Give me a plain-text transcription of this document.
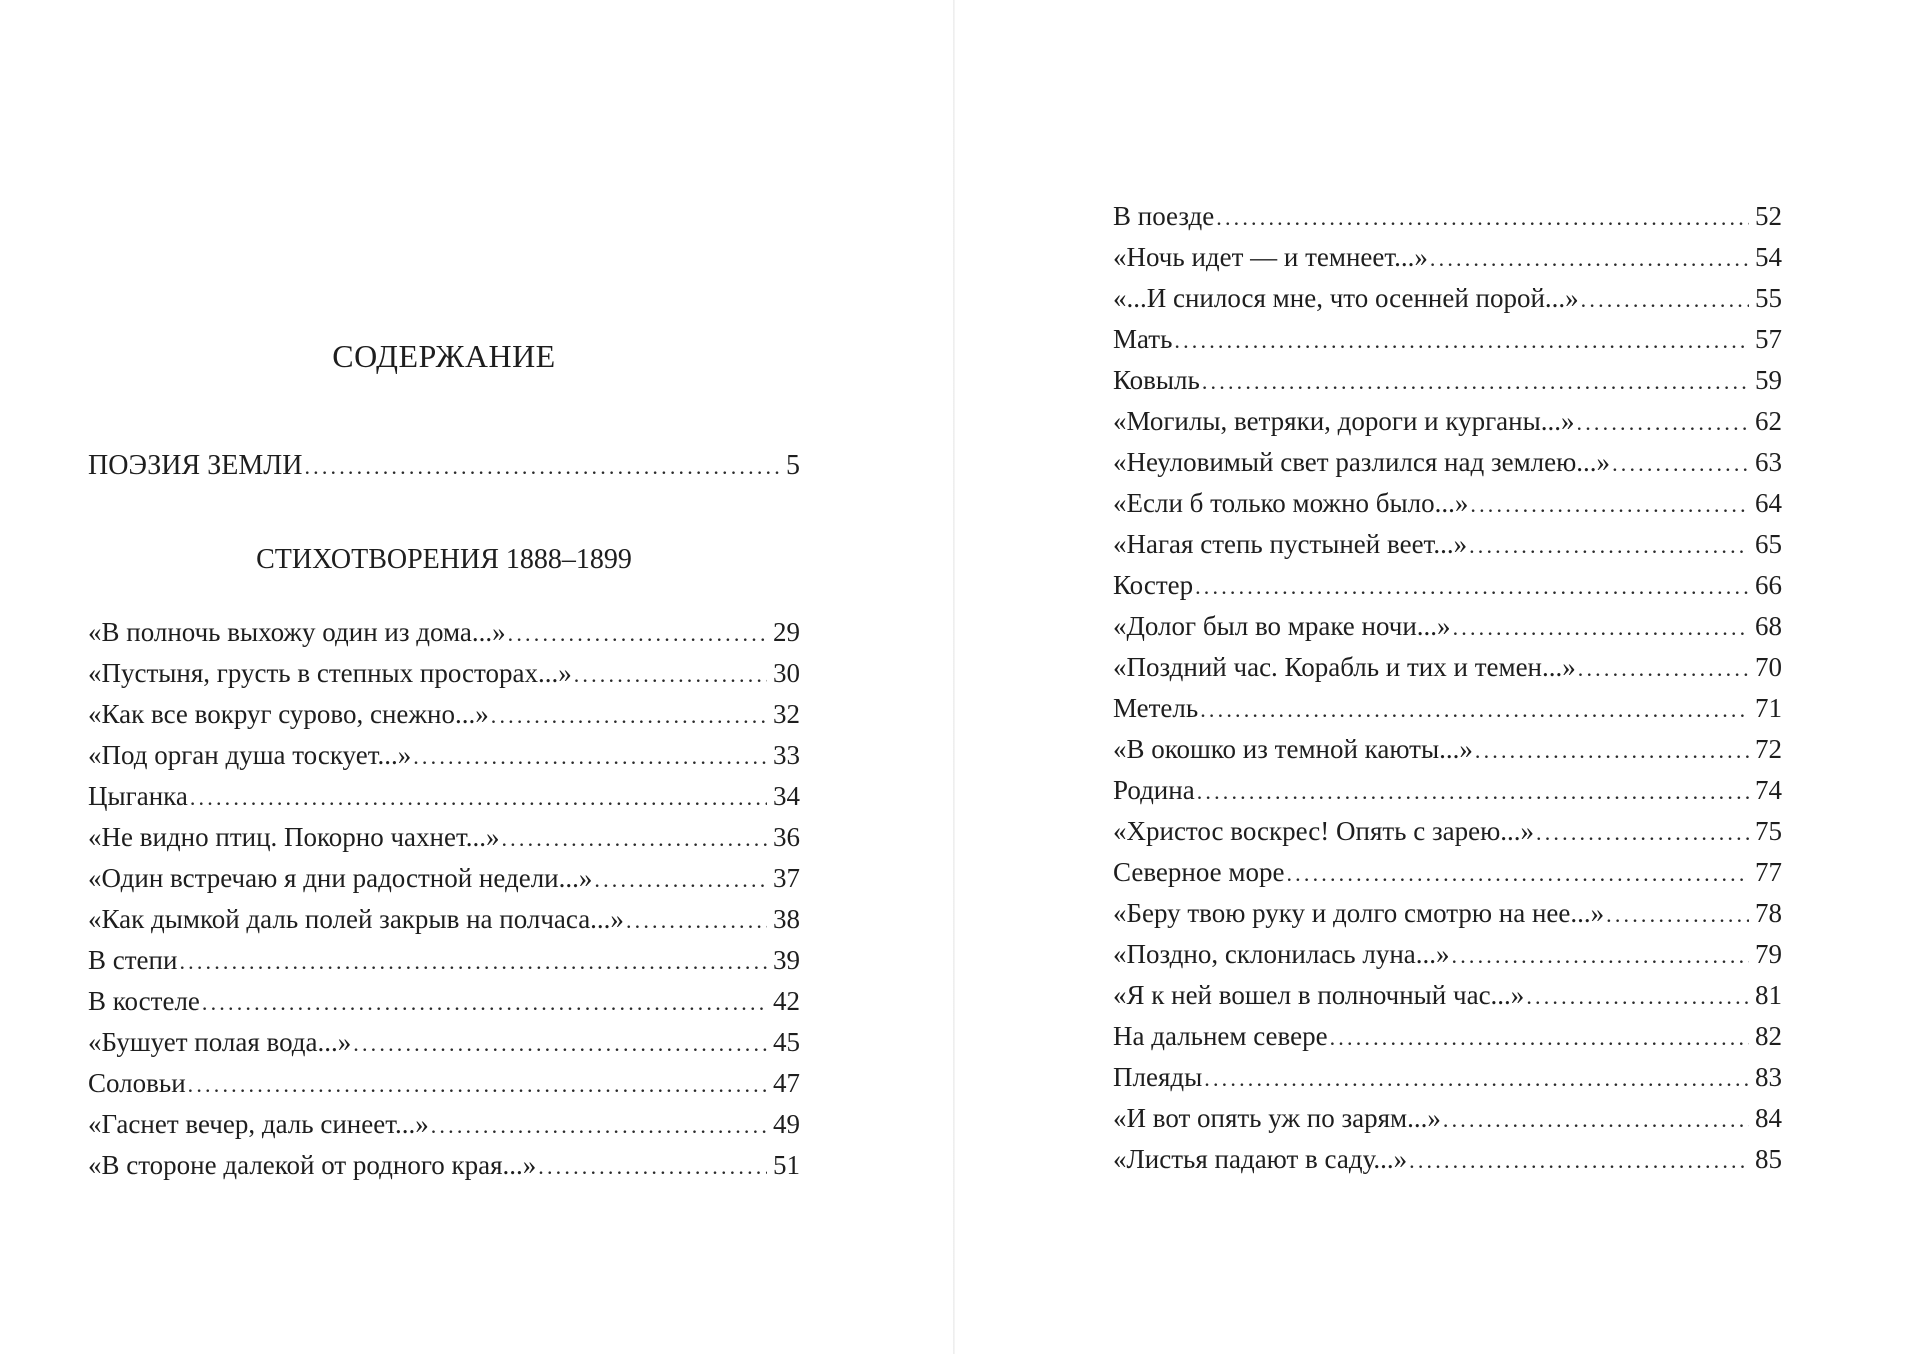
СОДЕРЖАНИЕ
ПОЭЗИЯ ЗЕМЛИ .....	5
СТИХОТВОРЕНИЯ 1888–1899
«В полночь выхожу один из дома...» .....	29
«Пустыня, грусть в степных просторах...» .....	30
«Как все вокруг сурово, снежно...» .....	32
«Под орган душа тоскует...» .....	33
Цыганка .....	34
«Не видно птиц. Покорно чахнет...» .....	36
«Один встречаю я дни радостной недели...» .....	37
«Как дымкой даль полей закрыв на полчаса...» .....	38
В степи .....	39
В костеле .....	42
«Бушует полая вода...» .....	45
Соловьи .....	47
«Гаснет вечер, даль синеет...» .....	49
«В стороне далекой от родного края...» .....	51
В поезде .....	52
«Ночь идет — и темнеет...» .....	54
«...И снилося мне, что осенней порой...» .....	55
Мать .....	57
Ковыль .....	59
«Могилы, ветряки, дороги и курганы...» .....	62
«Неуловимый свет разлился над землею...» .....	63
«Если б только можно было...» .....	64
«Нагая степь пустыней веет...» .....	65
Костер .....	66
«Долог был во мраке ночи...» .....	68
«Поздний час. Корабль и тих и темен...» .....	70
Метель .....	71
«В окошко из темной каюты...» .....	72
Родина .....	74
«Христос воскрес! Опять с зарею...» .....	75
Северное море .....	77
«Беру твою руку и долго смотрю на нее...» .....	78
«Поздно, склонилась луна...» .....	79
«Я к ней вошел в полночный час...» .....	81
На дальнем севере .....	82
Плеяды .....	83
«И вот опять уж по зарям...» .....	84
«Листья падают в саду...» .....	85
